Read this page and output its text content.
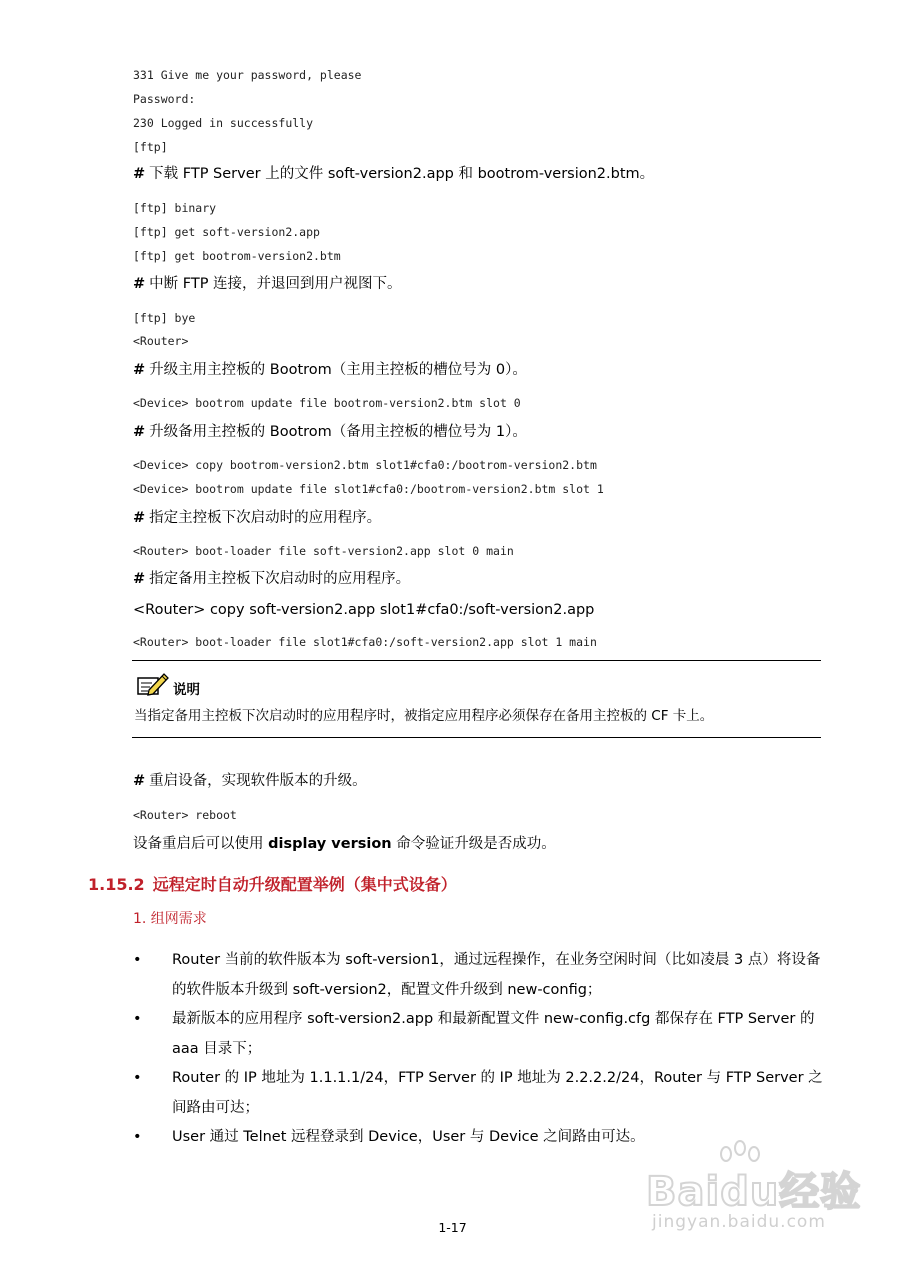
331 Give me your password, please
Password:
230 Logged in successfully
[ftp]
# 下载 FTP Server 上的文件 soft-version2.app 和 bootrom-version2.btm。
[ftp] binary
[ftp] get soft-version2.app
[ftp] get bootrom-version2.btm
# 中断 FTP 连接，并退回到用户视图下。
[ftp] bye
<Router>
# 升级主用主控板的 Bootrom（主用主控板的槽位号为 0）。
<Device> bootrom update file bootrom-version2.btm slot 0
# 升级备用主控板的 Bootrom（备用主控板的槽位号为 1）。
<Device> copy bootrom-version2.btm slot1#cfa0:/bootrom-version2.btm
<Device> bootrom update file slot1#cfa0:/bootrom-version2.btm slot 1
# 指定主控板下次启动时的应用程序。
<Router> boot-loader file soft-version2.app slot 0 main
# 指定备用主控板下次启动时的应用程序。
<Router> copy soft-version2.app slot1#cfa0:/soft-version2.app
<Router> boot-loader file slot1#cfa0:/soft-version2.app slot 1 main
说明
当指定备用主控板下次启动时的应用程序时，被指定应用程序必须保存在备用主控板的 CF 卡上。
# 重启设备，实现软件版本的升级。
<Router> reboot
设备重启后可以使用 display version 命令验证升级是否成功。
1.15.2 远程定时自动升级配置举例（集中式设备）
1. 组网需求
• Router 当前的软件版本为 soft-version1，通过远程操作，在业务空闲时间（比如凌晨 3 点）将设备的软件版本升级到 soft-version2，配置文件升级到 new-config；
• 最新版本的应用程序 soft-version2.app 和最新配置文件 new-config.cfg 都保存在 FTP Server 的 aaa 目录下；
• Router 的 IP 地址为 1.1.1.1/24，FTP Server 的 IP 地址为 2.2.2.2/24，Router 与 FTP Server 之间路由可达；
• User 通过 Telnet 远程登录到 Device，User 与 Device 之间路由可达。
Baidu经验
jingyan.baidu.com
1-17
